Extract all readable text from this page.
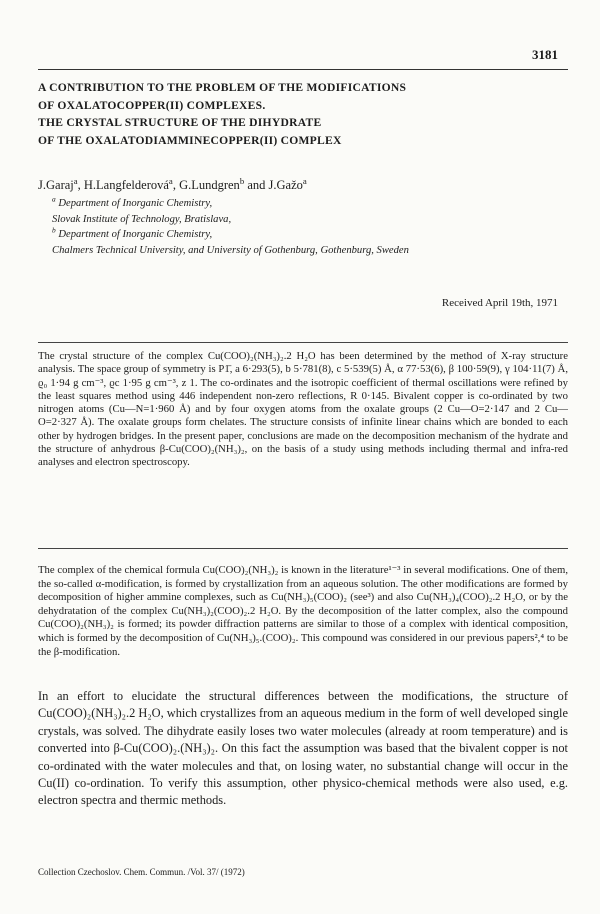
3181
A CONTRIBUTION TO THE PROBLEM OF THE MODIFICATIONS
OF OXALATOCOPPER(II) COMPLEXES.
THE CRYSTAL STRUCTURE OF THE DIHYDRATE
OF THE OXALATODIAMMINECOPPER(II) COMPLEX
J.Garaj$^a$, H.Langfelderová$^a$, G.Lundgren$^b$ and J.Gažo$^a$
$^a$ Department of Inorganic Chemistry,
Slovak Institute of Technology, Bratislava,
$^b$ Department of Inorganic Chemistry,
Chalmers Technical University, and University of Gothenburg, Gothenburg, Sweden
Received April 19th, 1971

The crystal structure of the complex Cu(COO)₂(NH₃)₂.2 H₂O has been determined by the method of X-ray structure analysis. The space group of symmetry is P1̄, a 6·293(5), b 5·781(8), c 5·539(5) Å, α 77·53(6), β 100·59(9), γ 104·11(7) Å, ϱ₀ 1·94 g cm⁻³, ϱc 1·95 g cm⁻³, z 1. The co-ordinates and the isotropic coefficient of thermal oscillations were refined by the least squares method using 446 independent non-zero reflections, R 0·145. Bivalent copper is co-ordinated by two nitrogen atoms (Cu—N=1·960 Å) and by four oxygen atoms from the oxalate groups (2 Cu—O=2·147 and 2 Cu—O=2·327 Å). The oxalate groups form chelates. The structure consists of infinite linear chains which are bonded to each other by hydrogen bridges. In the present paper, conclusions are made on the decomposition mechanism of the hydrate and the structure of anhydrous β-Cu(COO)₂(NH₃)₂, on the basis of a study using methods including thermal and infra-red analyses and electron spectroscopy.

The complex of the chemical formula Cu(COO)₂(NH₃)₂ is known in the literature¹⁻³ in several modifications. One of them, the so-called α-modification, is formed by crystallization from an aqueous solution. The other modifications are formed by decomposition of higher ammine complexes, such as Cu(NH₃)₅(COO)₂ (see³) and also Cu(NH₃)₄(COO)₂.2 H₂O, or by the dehydratation of the complex Cu(NH₃)₂(COO)₂.2 H₂O. By the decomposition of the latter complex, also the compound Cu(COO)₂(NH₃)₂ is formed; its powder diffraction patterns are similar to those of a complex with identical composition, which is formed by the decomposition of Cu(NH₃)₅.(COO)₂. This compound was considered in our previous papers²,⁴ to be the β-modification.

In an effort to elucidate the structural differences between the modifications, the structure of Cu(COO)₂(NH₃)₂.2 H₂O, which crystallizes from an aqueous medium in the form of well developed single crystals, was solved. The dihydrate easily loses two water molecules (already at room temperature) and is converted into β-Cu(COO)₂.(NH₃)₂. On this fact the assumption was based that the bivalent copper is not co-ordinated with the water molecules and that, on losing water, no substantial change will occur in the Cu(II) co-ordination. To verify this assumption, other physico-chemical methods were also used, e.g. electron spectra and thermic methods.

Collection Czechoslov. Chem. Commun. /Vol. 37/ (1972)
